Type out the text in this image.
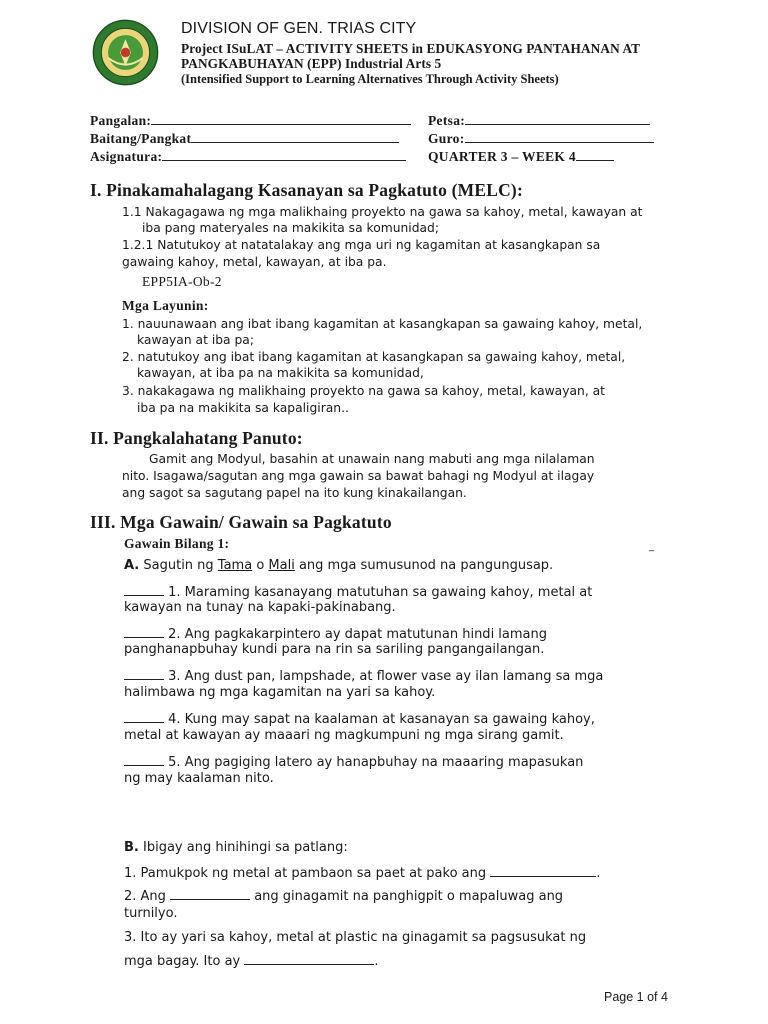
DIVISION OF GEN. TRIAS CITY
Project ISuLAT – ACTIVITY SHEETS in EDUKASYONG PANTAHANAN AT
PANGKABUHAYAN (EPP) Industrial Arts 5
(Intensified Support to Learning Alternatives Through Activity Sheets)
Pangalan:	Petsa:
Baitang/Pangkat	Guro:
Asignatura:	QUARTER 3 – WEEK 4
I. Pinakamahalagang Kasanayan sa Pagkatuto (MELC):
1.1 Nakagagawa ng mga malikhaing proyekto na gawa sa kahoy, metal, kawayan at
iba pang materyales na makikita sa komunidad;
1.2.1 Natutukoy at natatalakay ang mga uri ng kagamitan at kasangkapan sa
gawaing kahoy, metal, kawayan, at iba pa.
EPP5IA-Ob-2
Mga Layunin:
1. nauunawaan ang ibat ibang kagamitan at kasangkapan sa gawaing kahoy, metal,
kawayan at iba pa;
2. natutukoy ang ibat ibang kagamitan at kasangkapan sa gawaing kahoy, metal,
kawayan, at iba pa na makikita sa komunidad,
3. nakakagawa ng malikhaing proyekto na gawa sa kahoy, metal, kawayan, at
iba pa na makikita sa kapaligiran..
II. Pangkalahatang Panuto:
Gamit ang Modyul, basahin at unawain nang mabuti ang mga nilalaman
nito. Isagawa/sagutan ang mga gawain sa bawat bahagi ng Modyul at ilagay
ang sagot sa sagutang papel na ito kung kinakailangan.
III. Mga Gawain/ Gawain sa Pagkatuto
Gawain Bilang 1:	_
A. Sagutin ng Tama o Mali ang mga sumusunod na pangungusap.
1. Maraming kasanayang matutuhan sa gawaing kahoy, metal at
kawayan na tunay na kapaki-pakinabang.
2. Ang pagkakarpintero ay dapat matutunan hindi lamang
panghanapbuhay kundi para na rin sa sariling pangangailangan.
3. Ang dust pan, lampshade, at flower vase ay ilan lamang sa mga
halimbawa ng mga kagamitan na yari sa kahoy.
4. Kung may sapat na kaalaman at kasanayan sa gawaing kahoy,
metal at kawayan ay maaari ng magkumpuni ng mga sirang gamit.
5. Ang pagiging latero ay hanapbuhay na maaaring mapasukan
ng may kaalaman nito.
B. Ibigay ang hinihingi sa patlang:
1. Pamukpok ng metal at pambaon sa paet at pako ang	.
2. Ang	ang ginagamit na panghigpit o mapaluwag ang
turnilyo.
3. Ito ay yari sa kahoy, metal at plastic na ginagamit sa pagsusukat ng
mga bagay. Ito ay	.
Page 1 of 4
